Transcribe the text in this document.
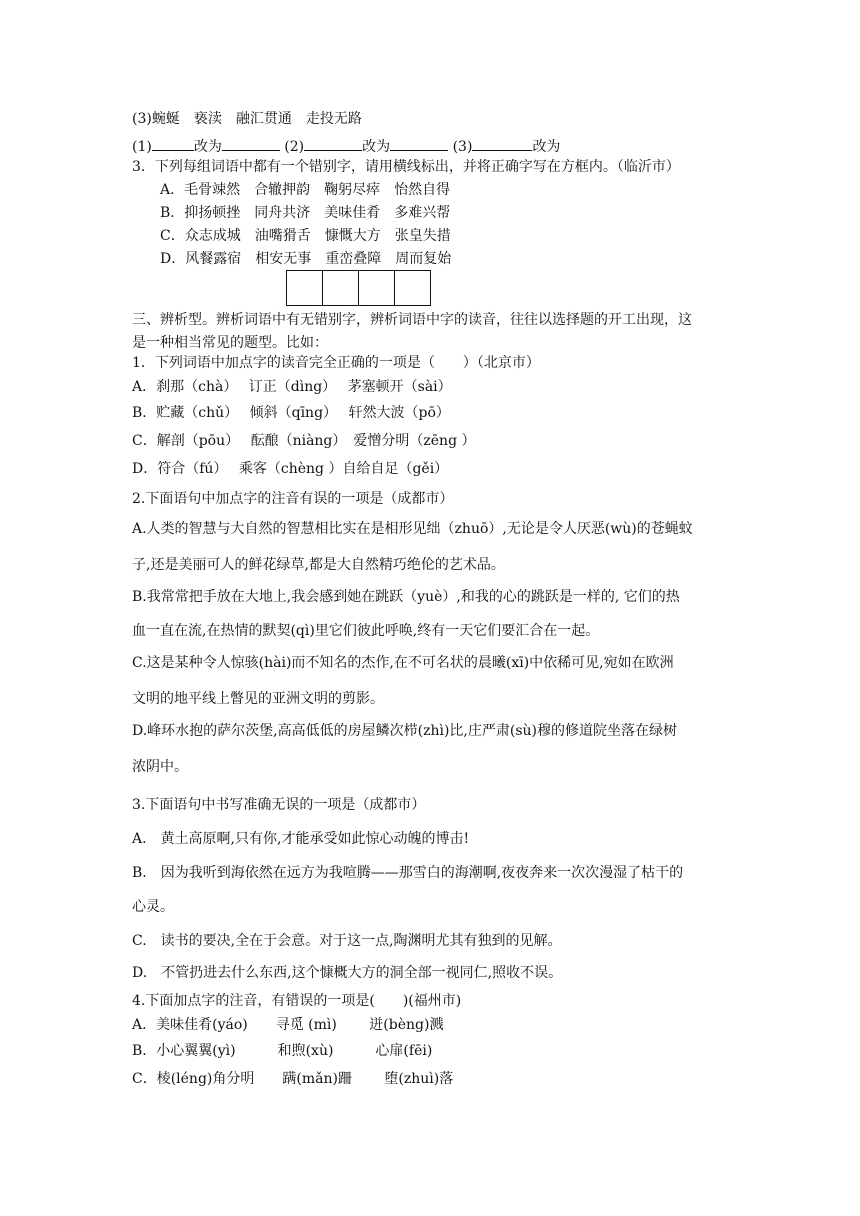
(3)蜿蜒　亵渎　融汇贯通　走投无路
(1)	改为	(2)	改为	(3)	改为
3．下列每组词语中都有一个错别字，请用横线标出，并将正确字写在方框内。（临沂市）
A．毛骨竦然　合辙押韵　鞠躬尽瘁　怡然自得
B．抑扬顿挫　同舟共济　美味佳肴　多难兴帮
C．众志成城　油嘴猾舌　慷慨大方　张皇失措
D．风餐露宿　相安无事　重峦叠障　周而复始
三、辨析型。辨析词语中有无错别字，辨析词语中字的读音，往往以选择题的开工出现，这
是一种相当常见的题型。比如：
1．下列词语中加点字的读音完全正确的一项是（　　）（北京市）
A．刹那（chà）　 订正（dìng）　 茅塞顿开（sài）
B．贮藏（chǔ）　 倾斜（qīng）　 轩然大波（pō）
C．解剖（pōu）　 酝酿（niàng）　爱憎分明（zēng ）
D．符合（fú）　 乘客（chèng ）自给自足（gěi）
2.下面语句中加点字的注音有误的一项是（成都市）
A.人类的智慧与大自然的智慧相比实在是相形见绌（zhuō）,无论是令人厌恶(wù)的苍蝇蚊
子,还是美丽可人的鲜花绿草,都是大自然精巧绝伦的艺术品。
B.我常常把手放在大地上,我会感到她在跳跃（yuè）,和我的心的跳跃是一样的, 它们的热
血一直在流,在热情的默契(qì)里它们彼此呼唤,终有一天它们要汇合在一起。
C.这是某种令人惊骇(hài)而不知名的杰作,在不可名状的晨曦(xī)中依稀可见,宛如在欧洲
文明的地平线上瞥见的亚洲文明的剪影。
D.峰环水抱的萨尔茨堡,高高低低的房屋鳞次栉(zhì)比,庄严肃(sù)穆的修道院坐落在绿树
浓阴中。
3.下面语句中书写准确无误的一项是（成都市）
A.　黄土高原啊,只有你,才能承受如此惊心动魄的博击!
B.　因为我听到海依然在远方为我喧腾——那雪白的海潮啊,夜夜奔来一次次漫湿了枯干的
心灵。
C.　读书的要决,全在于会意。对于这一点,陶渊明尤其有独到的见解。
D.　不管扔进去什么东西,这个慷概大方的洞全部一视同仁,照收不误。
4.下面加点字的注音，有错误的一项是(　　)(福州市)
A．美味佳肴(yáo)　　寻觅 (mì)　　 迸(bèng)溅
B．小心翼翼(yì)　　　和煦(xù)　　　心扉(fēi)
C．棱(léng)角分明　　蹒(mǎn)跚　　 堕(zhuì)落
